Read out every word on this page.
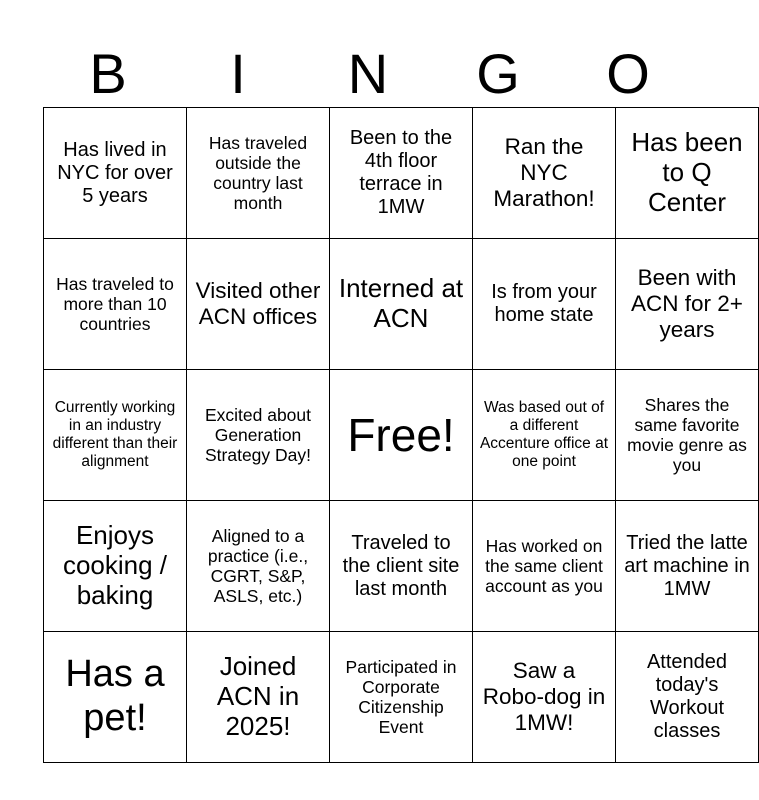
B	I	N	G	O
Has lived in NYC for over 5 years	Has traveled outside the country last month	Been to the 4th floor terrace in 1MW	Ran the NYC Marathon!	Has been to Q Center
Has traveled to more than 10 countries	Visited other ACN offices	Interned at ACN	Is from your home state	Been with ACN for 2+ years
Currently working in an industry different than their alignment	Excited about Generation Strategy Day!	Free!	Was based out of a different Accenture office at one point	Shares the same favorite movie genre as you
Enjoys cooking / baking	Aligned to a practice (i.e., CGRT, S&P, ASLS, etc.)	Traveled to the client site last month	Has worked on the same client account as you	Tried the latte art machine in 1MW
Has a pet!	Joined ACN in 2025!	Participated in Corporate Citizenship Event	Saw a Robo-dog in 1MW!	Attended today's Workout classes
